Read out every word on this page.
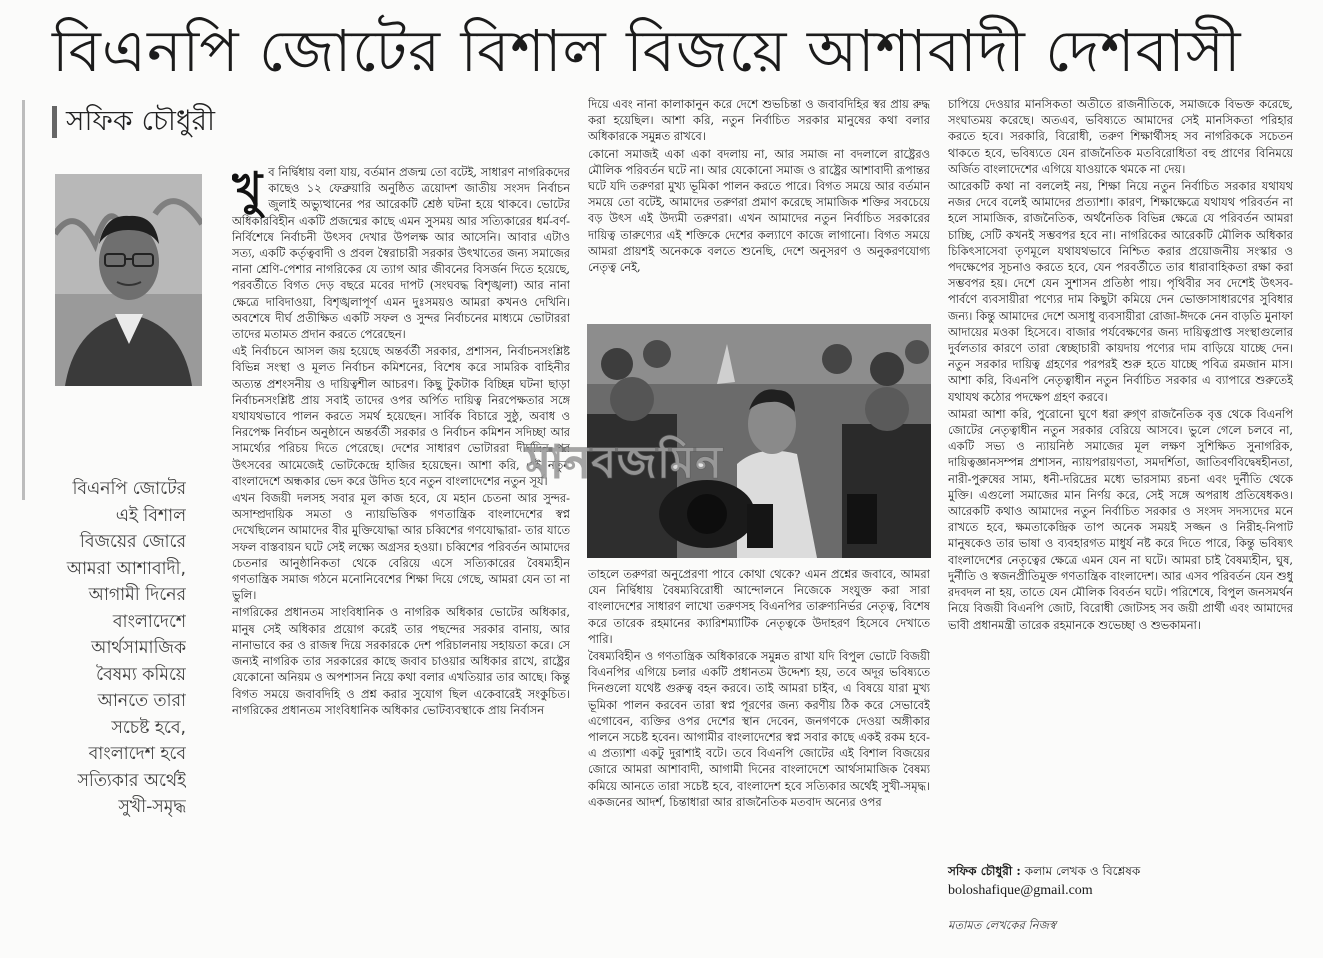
বিএনপি জোটের বিশাল বিজয়ে আশাবাদী দেশবাসী
সফিক চৌধুরী
বিএনপি জোটের এই বিশাল বিজয়ের জোরে আমরা আশাবাদী, আগামী দিনের বাংলাদেশে আর্থসামাজিক বৈষম্য কমিয়ে আনতে তারা সচেষ্ট হবে, বাংলাদেশ হবে সত্যিকার অর্থেই সুখী-সমৃদ্ধ

খুব নির্দ্বিধায় বলা যায়, বর্তমান প্রজন্ম তো বটেই, সাধারণ নাগরিকদের কাছেও ১২ ফেব্রুয়ারি অনুষ্ঠিত ত্রয়োদশ জাতীয় সংসদ নির্বাচন জুলাই অভ্যুত্থানের পর আরেকটি শ্রেষ্ঠ ঘটনা হয়ে থাকবে। ভোটের অধিকারবিহীন একটি প্রজন্মের কাছে এমন সুসময় আর সত্যিকারের ধর্ম-বর্ণ-নির্বিশেষে নির্বাচনী উৎসব দেখার উপলক্ষ আর আসেনি। আবার এটাও সত্য, একটি কর্তৃত্ববাদী ও প্রবল স্বৈরাচারী সরকার উৎখাতের জন্য সমাজের নানা শ্রেণি-পেশার নাগরিকের যে ত্যাগ আর জীবনের বিসর্জন দিতে হয়েছে, পরবর্তীতে বিগত দেড় বছরে মবের দাপট (সংঘবদ্ধ বিশৃঙ্খলা) আর নানা ক্ষেত্রে দাবিদাওয়া, বিশৃঙ্খলাপূর্ণ এমন দুঃসময়ও আমরা কখনও দেখিনি। অবশেষে দীর্ঘ প্রতীক্ষিত একটি সফল ও সুন্দর নির্বাচনের মাধ্যমে ভোটাররা তাদের মতামত প্রদান করতে পেরেছেন।

এই নির্বাচনে আসল জয় হয়েছে অন্তর্বর্তী সরকার, প্রশাসন, নির্বাচনসংশ্লিষ্ট বিভিন্ন সংস্থা ও মূলত নির্বাচন কমিশনের, বিশেষ করে সামরিক বাহিনীর অত্যন্ত প্রশংসনীয় ও দায়িত্বশীল আচরণ। কিছু টুকটাক বিচ্ছিন্ন ঘটনা ছাড়া নির্বাচনসংশ্লিষ্ট প্রায় সবাই তাদের ওপর অর্পিত দায়িত্ব নিরপেক্ষতার সঙ্গে যথাযথভাবে পালন করতে সমর্থ হয়েছেন। সার্বিক বিচারে সুষ্ঠু, অবাধ ও নিরপেক্ষ নির্বাচন অনুষ্ঠানে অন্তর্বর্তী সরকার ও নির্বাচন কমিশন সদিচ্ছা আর সামর্থ্যের পরিচয় দিতে পেরেছে। দেশের সাধারণ ভোটাররা দীর্ঘদিন পর উৎসবের আমেজেই ভোটকেন্দ্রে হাজির হয়েছেন। আশা করি, এই নতুন বাংলাদেশে অন্ধকার ভেদ করে উদিত হবে নতুন বাংলাদেশের নতুন সূর্য।

এখন বিজয়ী দলসহ সবার মূল কাজ হবে, যে মহান চেতনা আর সুন্দর-অসাম্প্রদায়িক সমতা ও ন্যায়ভিত্তিক গণতান্ত্রিক বাংলাদেশের স্বপ্ন দেখেছিলেন আমাদের বীর মুক্তিযোদ্ধা আর চব্বিশের গণযোদ্ধারা- তার যাতে সফল বাস্তবায়ন ঘটে সেই লক্ষ্যে অগ্রসর হওয়া। চব্বিশের পরিবর্তন আমাদের চেতনার আনুষ্ঠানিকতা থেকে বেরিয়ে এসে সত্যিকারের বৈষম্যহীন গণতান্ত্রিক সমাজ গঠনে মনোনিবেশের শিক্ষা দিয়ে গেছে, আমরা যেন তা না ভুলি।

নাগরিকের প্রধানতম সাংবিধানিক ও নাগরিক অধিকার ভোটের অধিকার, মানুষ সেই অধিকার প্রয়োগ করেই তার পছন্দের সরকার বানায়, আর নানাভাবে কর ও রাজস্ব দিয়ে সরকারকে দেশ পরিচালনায় সহায়তা করে। সে জন্যই নাগরিক তার সরকারের কাছে জবাব চাওয়ার অধিকার রাখে, রাষ্ট্রের যেকোনো অনিয়ম ও অপশাসন নিয়ে কথা বলার এখতিয়ার তার আছে। কিন্তু বিগত সময়ে জবাবদিহি ও প্রশ্ন করার সুযোগ ছিল একেবারেই সংকুচিত। নাগরিকের প্রধানতম সাংবিধানিক অধিকার ভোটব্যবস্থাকে প্রায় নির্বাসন

দিয়ে এবং নানা কালাকানুন করে দেশে শুভচিন্তা ও জবাবদিহির স্বর প্রায় রুদ্ধ করা হয়েছিল। আশা করি, নতুন নির্বাচিত সরকার মানুষের কথা বলার অধিকারকে সমুন্নত রাখবে।

কোনো সমাজই একা একা বদলায় না, আর সমাজ না বদলালে রাষ্ট্রেরও মৌলিক পরিবর্তন ঘটে না। আর যেকোনো সমাজ ও রাষ্ট্রের আশাবাদী রূপান্তর ঘটে যদি তরুণরা মুখ্য ভূমিকা পালন করতে পারে। বিগত সময়ে আর বর্তমান সময়ে তো বটেই, আমাদের তরুণরা প্রমাণ করেছে সামাজিক শক্তির সবচেয়ে বড় উৎস এই উদ্যমী তরুণরা। এখন আমাদের নতুন নির্বাচিত সরকারের দায়িত্ব তারুণ্যের এই শক্তিকে দেশের কল্যাণে কাজে লাগানো। বিগত সময়ে আমরা প্রায়শই অনেককে বলতে শুনেছি, দেশে অনুসরণ ও অনুকরণযোগ্য নেতৃত্ব নেই,

মানবজমিন

তাহলে তরুণরা অনুপ্রেরণা পাবে কোথা থেকে? এমন প্রশ্নের জবাবে, আমরা যেন নির্দ্বিধায় বৈষম্যবিরোধী আন্দোলনে নিজেকে সংযুক্ত করা সারা বাংলাদেশের সাধারণ লাখো তরুণসহ বিএনপির তারুণ্যনির্ভর নেতৃত্ব, বিশেষ করে তারেক রহমানের ক্যারিশম্যাটিক নেতৃত্বকে উদাহরণ হিসেবে দেখাতে পারি।

বৈষম্যবিহীন ও গণতান্ত্রিক অধিকারকে সমুন্নত রাখা যদি বিপুল ভোটে বিজয়ী বিএনপির এগিয়ে চলার একটি প্রধানতম উদ্দেশ্য হয়, তবে অদূর ভবিষ্যতে দিনগুলো যথেষ্ট গুরুত্ব বহন করবে। তাই আমরা চাইব, এ বিষয়ে যারা মুখ্য ভূমিকা পালন করবেন তারা স্বপ্ন পূরণের জন্য করণীয় ঠিক করে সেভাবেই এগোবেন, ব্যক্তির ওপর দেশের স্থান দেবেন, জনগণকে দেওয়া অঙ্গীকার পালনে সচেষ্ট হবেন। আগামীর বাংলাদেশের স্বপ্ন সবার কাছে একই রকম হবে- এ প্রত্যাশা একটু দুরাশাই বটে। তবে বিএনপি জোটের এই বিশাল বিজয়ের জোরে আমরা আশাবাদী, আগামী দিনের বাংলাদেশে আর্থসামাজিক বৈষম্য কমিয়ে আনতে তারা সচেষ্ট হবে, বাংলাদেশ হবে সত্যিকার অর্থেই সুখী-সমৃদ্ধ। একজনের আদর্শ, চিন্তাধারা আর রাজনৈতিক মতবাদ অন্যের ওপর

চাপিয়ে দেওয়ার মানসিকতা অতীতে রাজনীতিকে, সমাজকে বিভক্ত করেছে, সংঘাতময় করেছে। অতএব, ভবিষ্যতে আমাদের সেই মানসিকতা পরিহার করতে হবে। সরকারি, বিরোধী, তরুণ শিক্ষার্থীসহ সব নাগরিককে সচেতন থাকতে হবে, ভবিষ্যতে যেন রাজনৈতিক মতবিরোধিতা বহু প্রাণের বিনিময়ে অর্জিত বাংলাদেশের এগিয়ে যাওয়াকে থমকে না দেয়।

আরেকটি কথা না বললেই নয়, শিক্ষা নিয়ে নতুন নির্বাচিত সরকার যথাযথ নজর দেবে বলেই আমাদের প্রত্যাশা। কারণ, শিক্ষাক্ষেত্রে যথাযথ পরিবর্তন না হলে সামাজিক, রাজনৈতিক, অর্থনৈতিক বিভিন্ন ক্ষেত্রে যে পরিবর্তন আমরা চাচ্ছি, সেটি কখনই সম্ভবপর হবে না। নাগরিকের আরেকটি মৌলিক অধিকার চিকিৎসাসেবা তৃণমূলে যথাযথভাবে নিশ্চিত করার প্রয়োজনীয় সংস্কার ও পদক্ষেপের সূচনাও করতে হবে, যেন পরবর্তীতে তার ধারাবাহিকতা রক্ষা করা সম্ভবপর হয়। দেশে যেন সুশাসন প্রতিষ্ঠা পায়। পৃথিবীর সব দেশেই উৎসব-পার্বণে ব্যবসায়ীরা পণ্যের দাম কিছুটা কমিয়ে দেন ভোক্তাসাধারণের সুবিধার জন্য। কিন্তু আমাদের দেশে অসাধু ব্যবসায়ীরা রোজা-ঈদকে নেন বাড়তি মুনাফা আদায়ের মওকা হিসেবে। বাজার পর্যবেক্ষণের জন্য দায়িত্বপ্রাপ্ত সংস্থাগুলোর দুর্বলতার কারণে তারা স্বেচ্ছাচারী কায়দায় পণ্যের দাম বাড়িয়ে যাচ্ছে দেন। নতুন সরকার দায়িত্ব গ্রহণের পরপরই শুরু হতে যাচ্ছে পবিত্র রমজান মাস। আশা করি, বিএনপি নেতৃত্বাধীন নতুন নির্বাচিত সরকার এ ব্যাপারে শুরুতেই যথাযথ কঠোর পদক্ষেপ গ্রহণ করবে।

আমরা আশা করি, পুরোনো ঘুণে ধরা রুগ্ণ রাজনৈতিক বৃত্ত থেকে বিএনপি জোটের নেতৃত্বাধীন নতুন সরকার বেরিয়ে আসবে। ভুলে গেলে চলবে না, একটি সভ্য ও ন্যায়নিষ্ঠ সমাজের মূল লক্ষণ সুশিক্ষিত সুনাগরিক, দায়িত্বজ্ঞানসম্পন্ন প্রশাসন, ন্যায়পরায়ণতা, সমদর্শিতা, জাতিবর্ণবিদ্বেষহীনতা, নারী-পুরুষের সাম্য, ধনী-দরিদ্রের মধ্যে ভারসাম্য রচনা এবং দুর্নীতি থেকে মুক্তি। এগুলো সমাজের মান নির্ণয় করে, সেই সঙ্গে অপরাধ প্রতিষেধকও। আরেকটি কথাও আমাদের নতুন নির্বাচিত সরকার ও সংসদ সদস্যদের মনে রাখতে হবে, ক্ষমতাকেন্দ্রিক তাপ অনেক সময়ই সজ্জন ও নিরীহ-নিপাট মানুষকেও তার ভাষা ও ব্যবহারগত মাধুর্য নষ্ট করে দিতে পারে, কিন্তু ভবিষ্যৎ বাংলাদেশের নেতৃত্বের ক্ষেত্রে এমন যেন না ঘটে। আমরা চাই বৈষম্যহীন, ঘুষ, দুর্নীতি ও স্বজনপ্রীতিমুক্ত গণতান্ত্রিক বাংলাদেশ। আর এসব পরিবর্তন যেন শুধু রদবদল না হয়, তাতে যেন মৌলিক বিবর্তন ঘটে। পরিশেষে, বিপুল জনসমর্থন নিয়ে বিজয়ী বিএনপি জোট, বিরোধী জোটসহ সব জয়ী প্রার্থী এবং আমাদের ভাবী প্রধানমন্ত্রী তারেক রহমানকে শুভেচ্ছা ও শুভকামনা।

সফিক চৌধুরী : কলাম লেখক ও বিশ্লেষক
boloshafique@gmail.com
মতামত লেখকের নিজস্ব
